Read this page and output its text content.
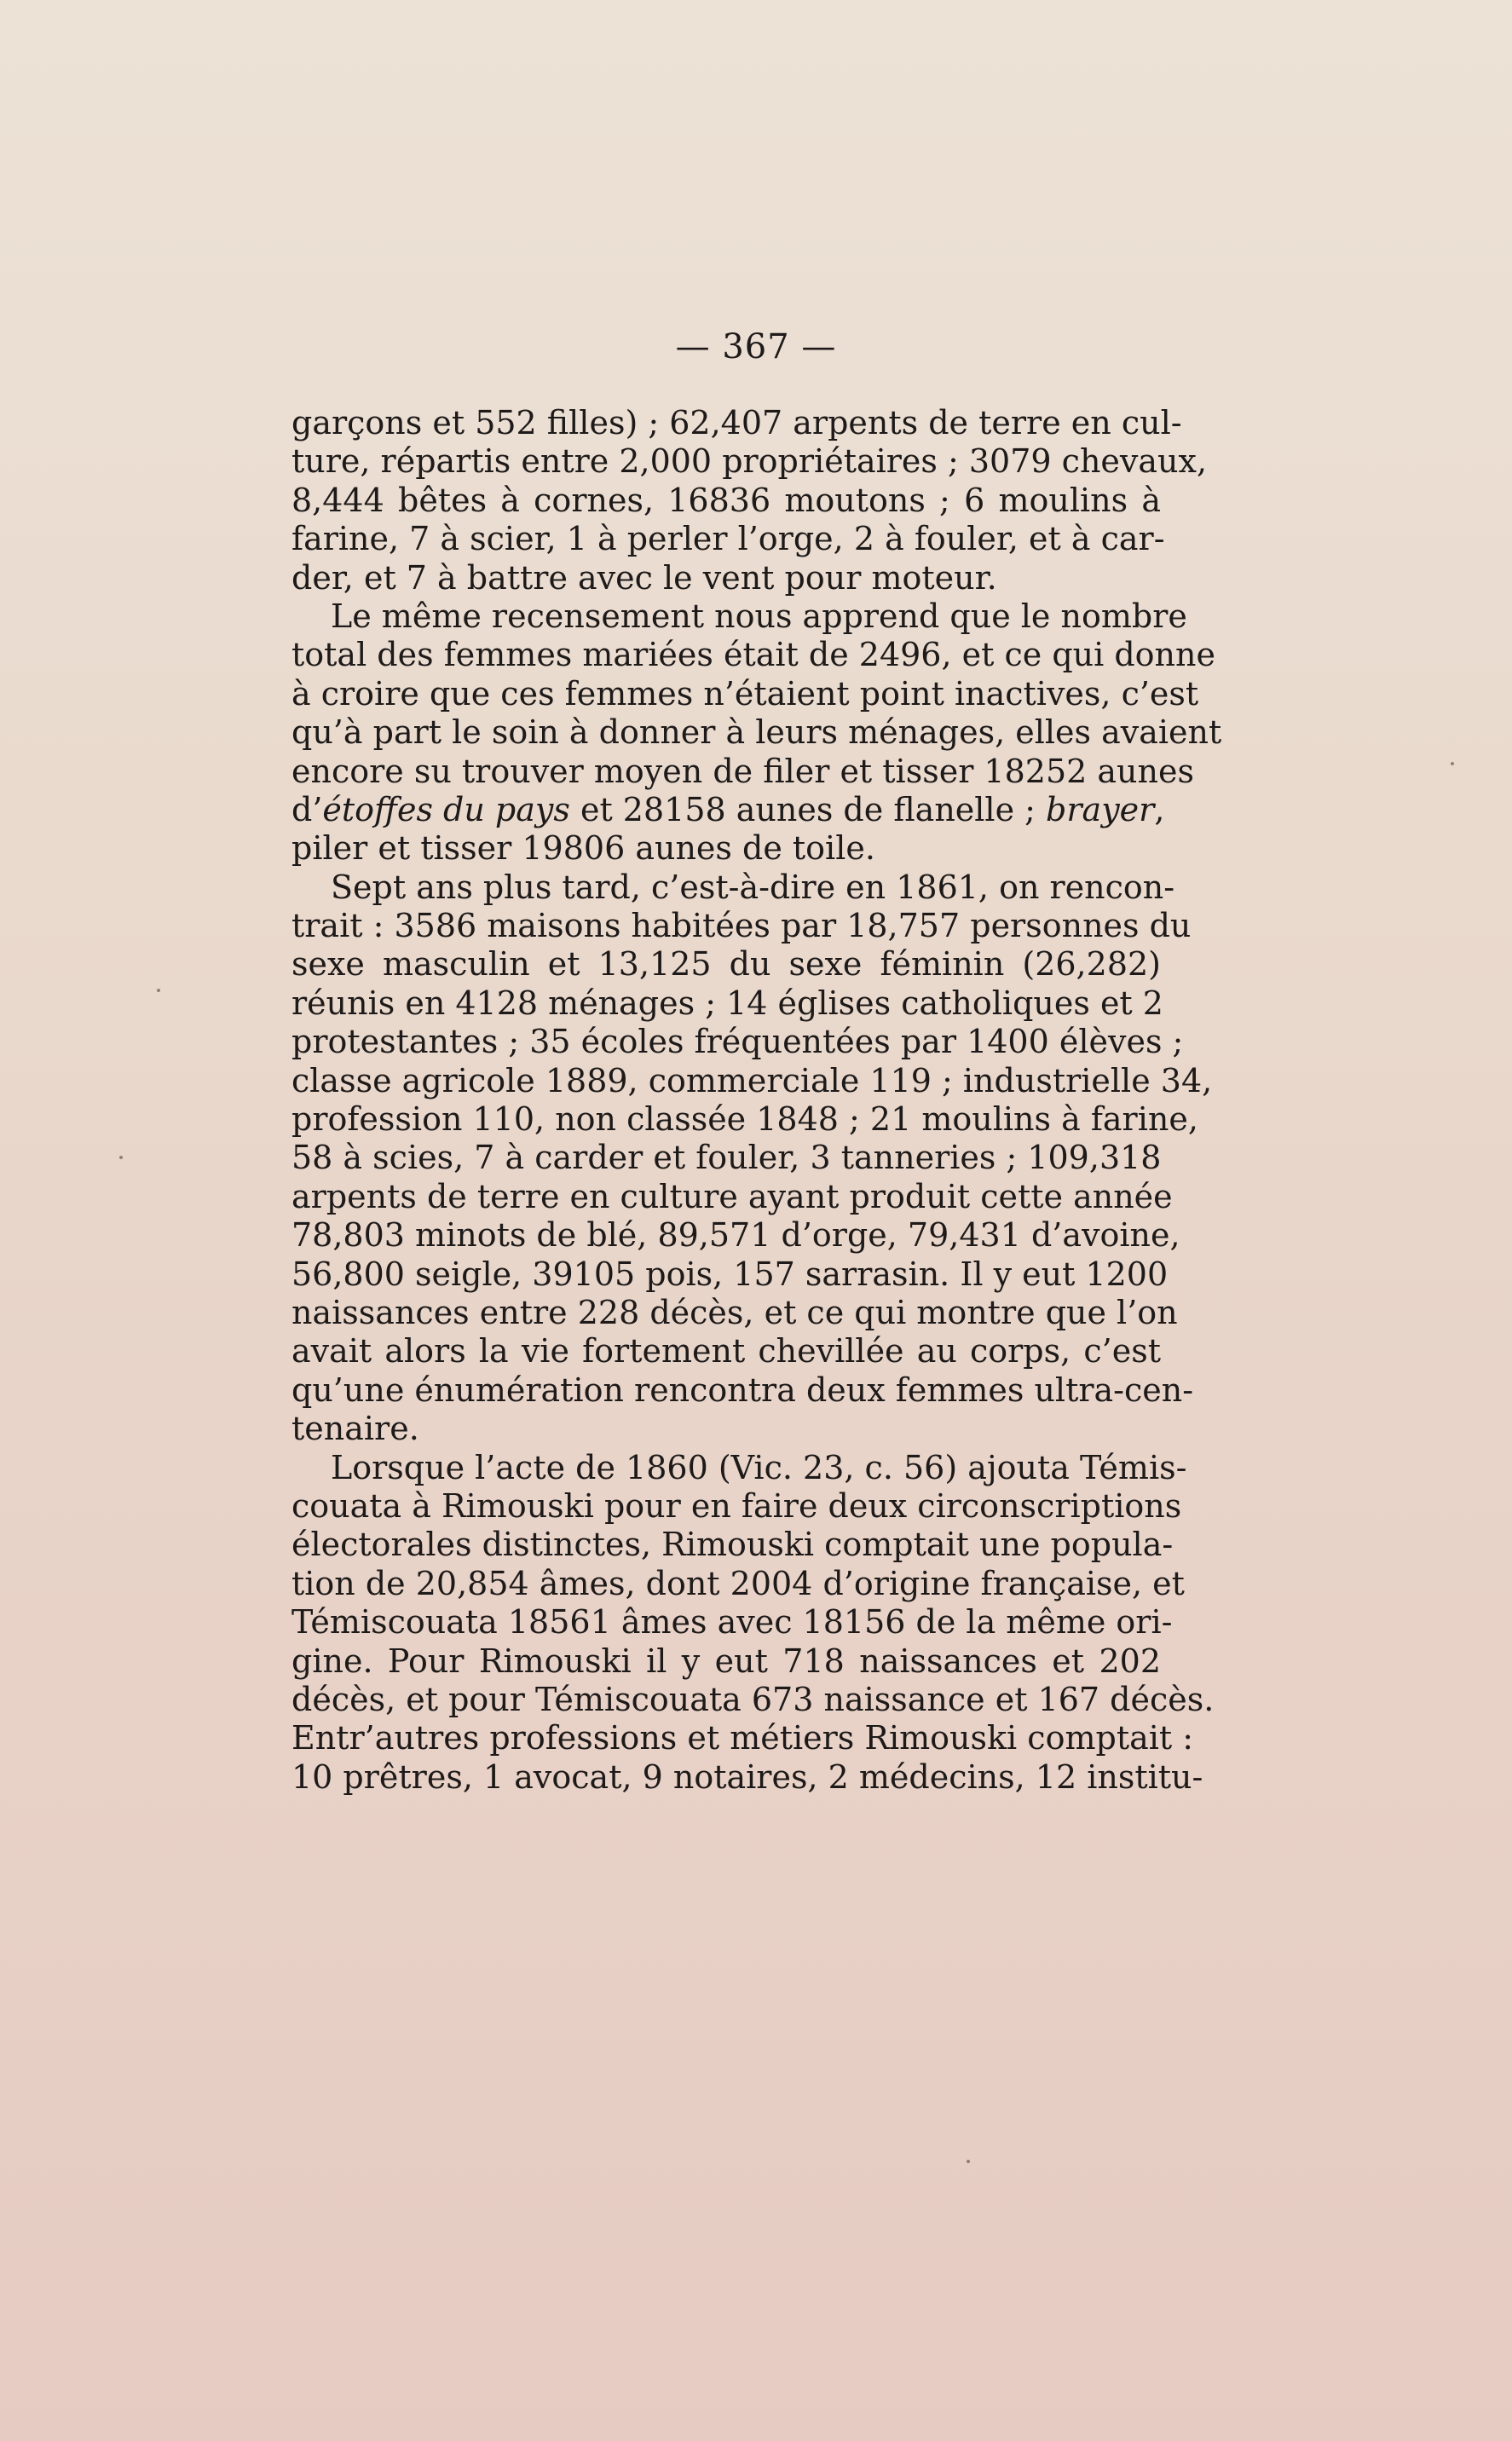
— 367 —
garçons et 552 filles) ; 62,407 arpents de terre en cul-
ture, répartis entre 2,000 propriétaires ; 3079 chevaux,
8,444 bêtes à cornes, 16836 moutons ; 6 moulins à
farine, 7 à scier, 1 à perler l’orge, 2 à fouler, et à car-
der, et 7 à battre avec le vent pour moteur.
Le même recensement nous apprend que le nombre
total des femmes mariées était de 2496, et ce qui donne
à croire que ces femmes n’étaient point inactives, c’est
qu’à part le soin à donner à leurs ménages, elles avaient
encore su trouver moyen de filer et tisser 18252 aunes
d’étoffes du pays et 28158 aunes de flanelle ; brayer,
piler et tisser 19806 aunes de toile.
Sept ans plus tard, c’est-à-dire en 1861, on rencon-
trait : 3586 maisons habitées par 18,757 personnes du
sexe masculin et 13,125 du sexe féminin (26,282)
réunis en 4128 ménages ; 14 églises catholiques et 2
protestantes ; 35 écoles fréquentées par 1400 élèves ;
classe agricole 1889, commerciale 119 ; industrielle 34,
profession 110, non classée 1848 ; 21 moulins à farine,
58 à scies, 7 à carder et fouler, 3 tanneries ; 109,318
arpents de terre en culture ayant produit cette année
78,803 minots de blé, 89,571 d’orge, 79,431 d’avoine,
56,800 seigle, 39105 pois, 157 sarrasin. Il y eut 1200
naissances entre 228 décès, et ce qui montre que l’on
avait alors la vie fortement chevillée au corps, c’est
qu’une énumération rencontra deux femmes ultra-cen-
tenaire.
Lorsque l’acte de 1860 (Vic. 23, c. 56) ajouta Témis-
couata à Rimouski pour en faire deux circonscriptions
électorales distinctes, Rimouski comptait une popula-
tion de 20,854 âmes, dont 2004 d’origine française, et
Témiscouata 18561 âmes avec 18156 de la même ori-
gine. Pour Rimouski il y eut 718 naissances et 202
décès, et pour Témiscouata 673 naissance et 167 décès.
Entr’autres professions et métiers Rimouski comptait :
10 prêtres, 1 avocat, 9 notaires, 2 médecins, 12 institu-
